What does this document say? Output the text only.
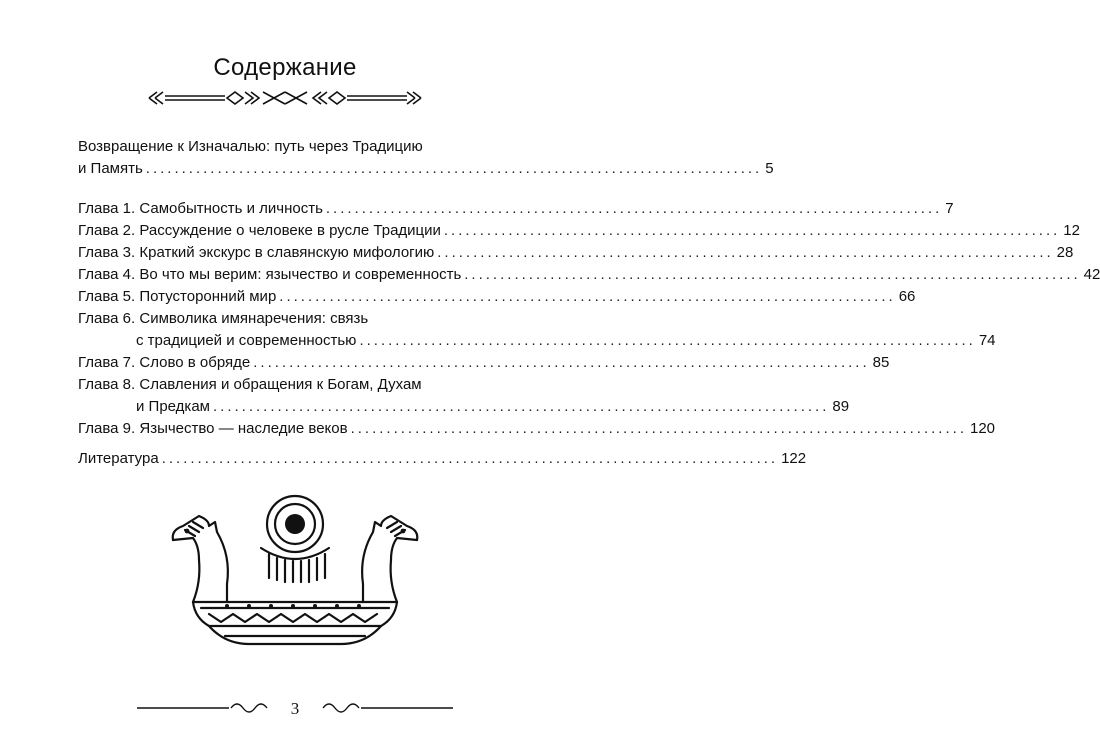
Содержание
Возвращение к Изначалью: путь через Традицию
и Память ...................................................................................... 5
Глава 1. Самобытность и личность ...................................................................................... 7
Глава 2. Рассуждение о человеке в русле Традиции ...................................................................................... 12
Глава 3. Краткий экскурс в славянскую мифологию ...................................................................................... 28
Глава 4. Во что мы верим: язычество и современность ...................................................................................... 42
Глава 5. Потусторонний мир ...................................................................................... 66
Глава 6. Символика имянаречения: связь
с традицией и современностью ...................................................................................... 74
Глава 7. Слово в обряде ...................................................................................... 85
Глава 8. Славления и обращения к Богам, Духам
и Предкам ...................................................................................... 89
Глава 9. Язычество — наследие веков ...................................................................................... 120
Литература ...................................................................................... 122
3
